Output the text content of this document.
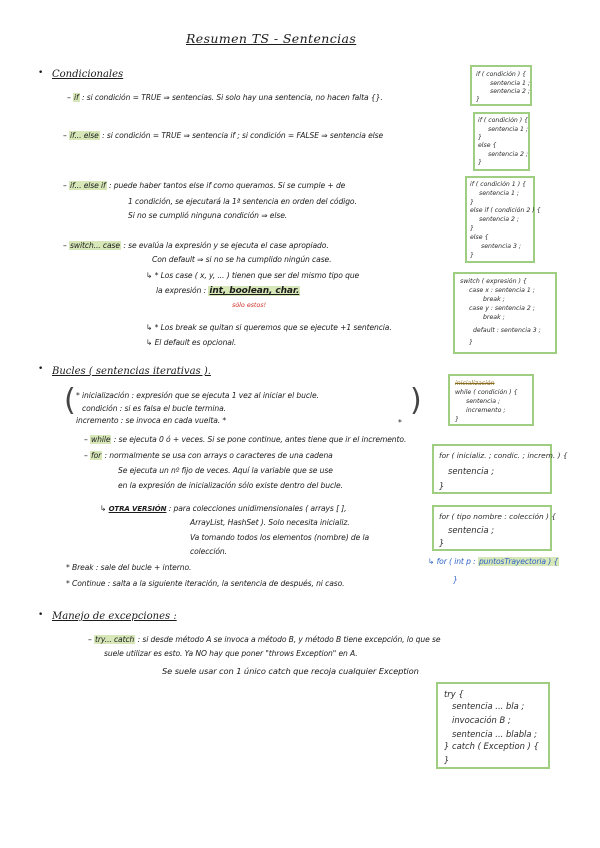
Resumen TS - Sentencias
• Condicionales
– if : si condición = TRUE ⇒ sentencias. Si solo hay una sentencia, no hacen falta {}.
– if... else : si condición = TRUE ⇒ sentencia if ; si condición = FALSE ⇒ sentencia else
– if... else if : puede haber tantos else if como queramos. Si se cumple + de
1 condición, se ejecutará la 1ª sentencia en orden del código.
Si no se cumplió ninguna condición ⇒ else.
– switch... case : se evalúa la expresión y se ejecuta el case apropiado.
Con default ⇒ si no se ha cumplido ningún case.
↳ * Los case ( x, y, ... ) tienen que ser del mismo tipo que
la expresión : int, boolean, char.
sólo estos!
↳ * Los break se quitan si queremos que se ejecute +1 sentencia.
↳ El default es opcional.
• Bucles ( sentencias iterativas ).
( * inicialización : expresión que se ejecuta 1 vez al iniciar el bucle.
condición : si es falsa el bucle termina.
incremento : se invoca en cada vuelta. *	*
)
– while : se ejecuta 0 ó + veces. Si se pone continue, antes tiene que ir el incremento.
– for : normalmente se usa con arrays o caracteres de una cadena
Se ejecuta un nº fijo de veces. Aquí la variable que se use
en la expresión de inicialización sólo existe dentro del bucle.
↳ OTRA VERSIÓN : para colecciones unidimensionales ( arrays [ ],
ArrayList, HashSet ). Solo necesita inicializ.
Va tomando todos los elementos (nombre) de la
colección.
* Break : sale del bucle + interno.
* Continue : salta a la siguiente iteración, la sentencia de después, ni caso.
• Manejo de excepciones :
– try... catch : si desde método A se invoca a método B, y método B tiene excepción, lo que se
suele utilizar es esto. Ya NO hay que poner "throws Exception" en A.
Se suele usar con 1 único catch que recoja cualquier Exception
if ( condición ) {
sentencia 1 ;
sentencia 2 ;
}
if ( condición ) {
sentencia 1 ;
}
else {
sentencia 2 ;
}
if ( condición 1 ) {
sentencia 1 ;
}
else if ( condición 2 ) {
sentencia 2 ;
}
else {
sentencia 3 ;
}
switch ( expresión ) {
case x : sentencia 1 ;
break ;
case y : sentencia 2 ;
break ;
default : sentencia 3 ;
}
inicialización
while ( condición ) {
sentencia ;
incremento ;
}
for ( inicializ. ; condic. ; increm. ) {
sentencia ;
}
for ( tipo nombre : colección ) {
sentencia ;
}
↳ for ( int p : puntosTrayectoria ) {
}
try {
sentencia ... bla ;
invocación B ;
sentencia ... blabla ;
} catch ( Exception ) {
}
